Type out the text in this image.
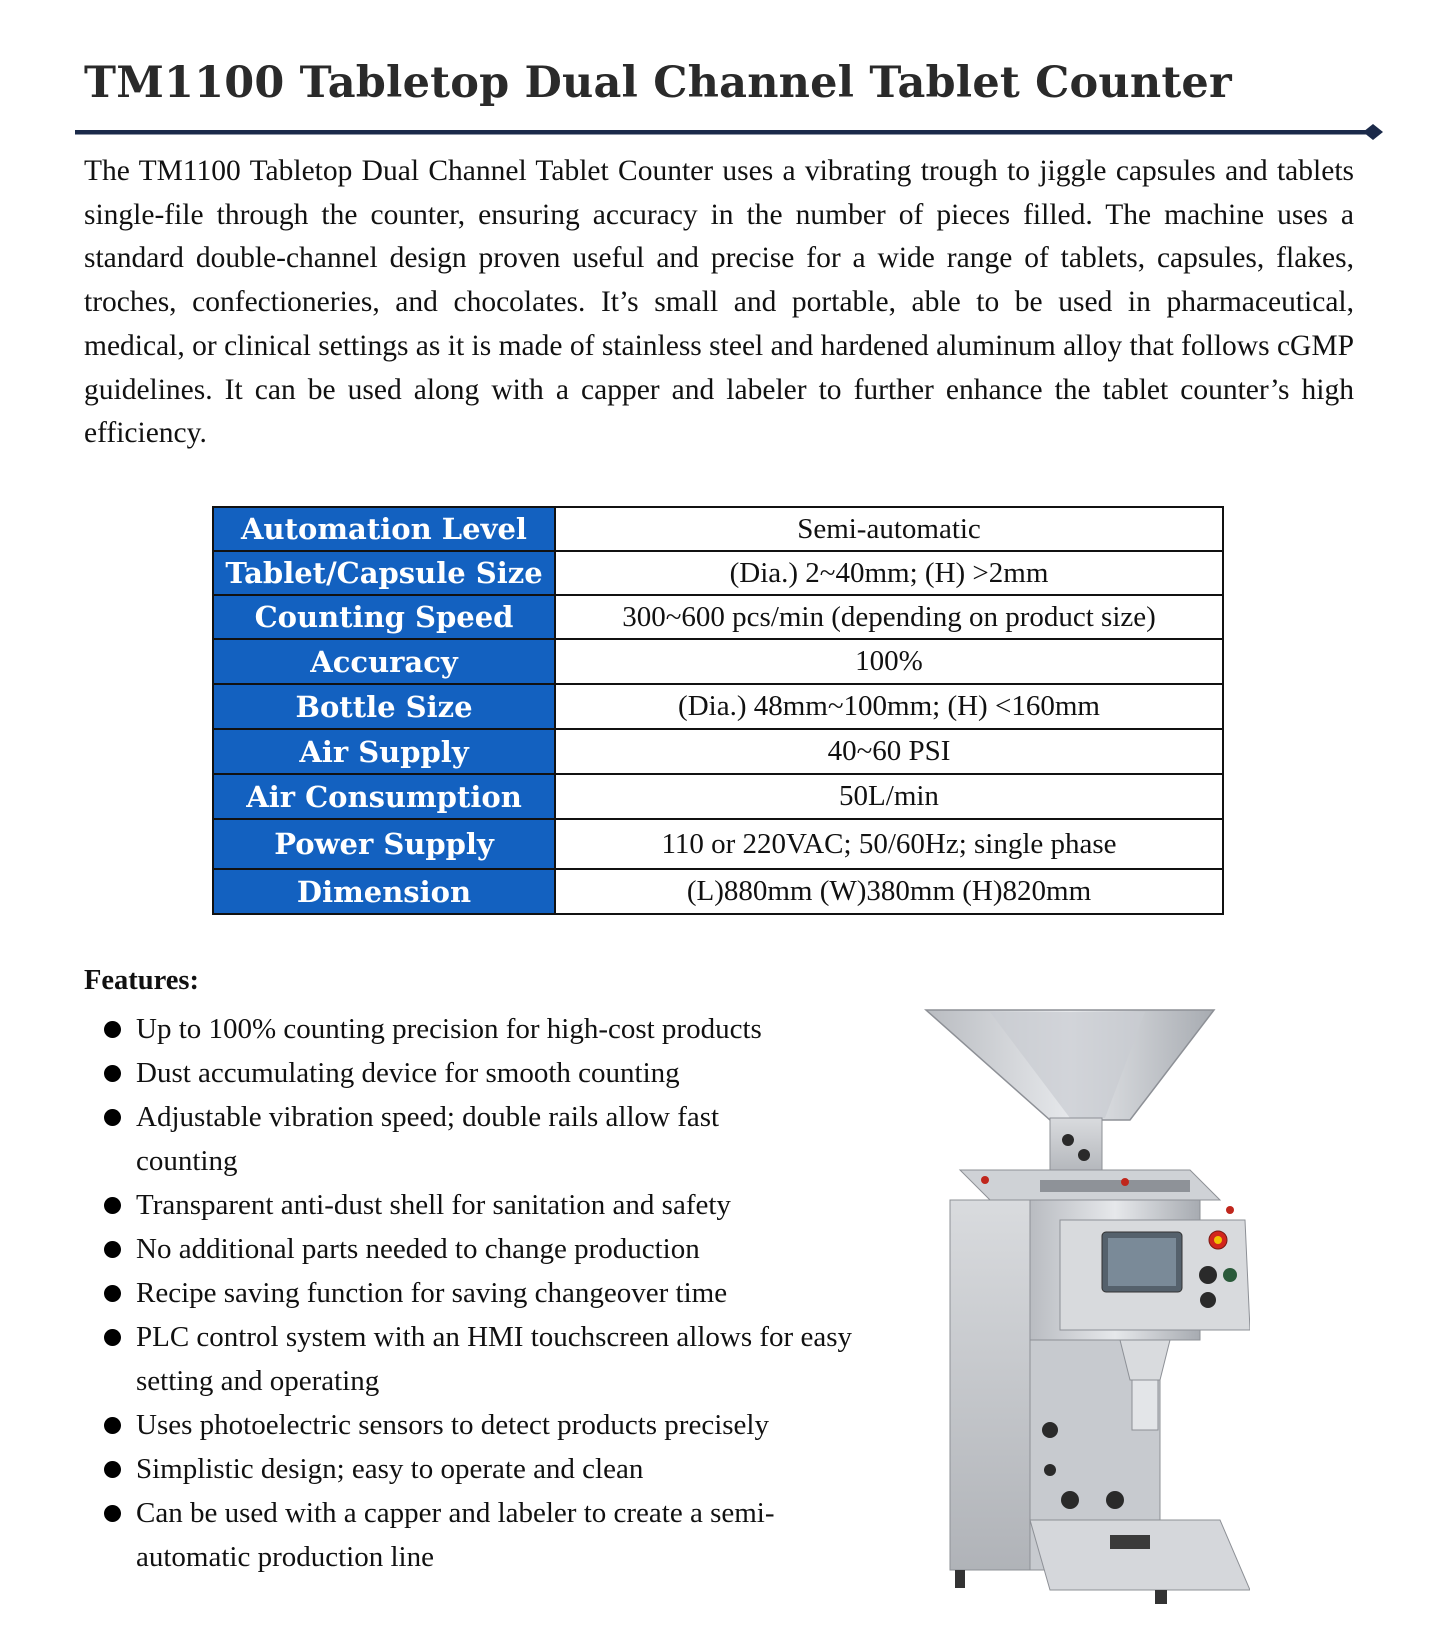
TM1100 Tabletop Dual Channel Tablet Counter

The TM1100 Tabletop Dual Channel Tablet Counter uses a vibrating trough to jiggle capsules and tablets single-file through the counter, ensuring accuracy in the number of pieces filled. The machine uses a standard double-channel design proven useful and precise for a wide range of tablets, capsules, flakes, troches, confectioneries, and chocolates. It’s small and portable, able to be used in pharmaceutical, medical, or clinical settings as it is made of stainless steel and hardened aluminum alloy that follows cGMP guidelines. It can be used along with a capper and labeler to further enhance the tablet counter’s high efficiency.

Automation Level	Semi-automatic
Tablet/Capsule Size	(Dia.) 2~40mm; (H) >2mm
Counting Speed	300~600 pcs/min (depending on product size)
Accuracy	100%
Bottle Size	(Dia.) 48mm~100mm; (H) <160mm
Air Supply	40~60 PSI
Air Consumption	50L/min
Power Supply	110 or 220VAC; 50/60Hz; single phase
Dimension	(L)880mm (W)380mm (H)820mm
Features:
Up to 100% counting precision for high-cost products
Dust accumulating device for smooth counting
Adjustable vibration speed; double rails allow fast counting
Transparent anti-dust shell for sanitation and safety
No additional parts needed to change production
Recipe saving function for saving changeover time
PLC control system with an HMI touchscreen allows for easy setting and operating
Uses photoelectric sensors to detect products precisely
Simplistic design; easy to operate and clean
Can be used with a capper and labeler to create a semi-automatic production line
